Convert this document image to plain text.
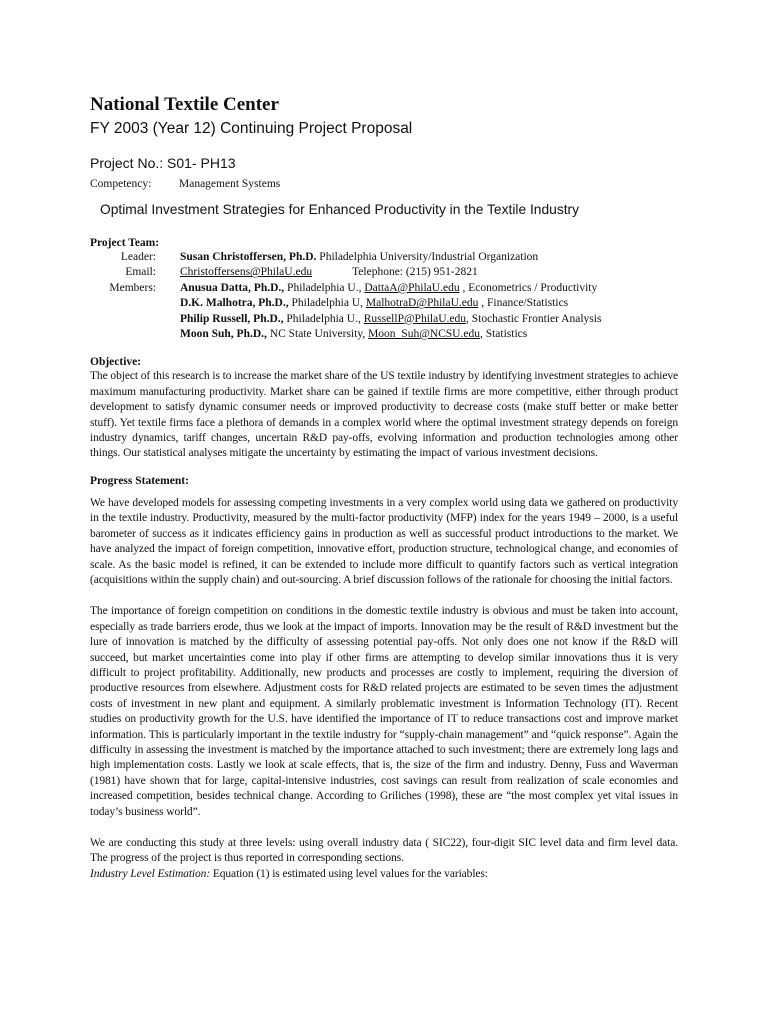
National Textile Center
FY 2003 (Year 12) Continuing Project Proposal
Project No.: S01- PH13
Competency:	Management Systems
Optimal Investment Strategies for Enhanced Productivity in the Textile Industry
Project Team:
Leader:	Susan Christoffersen, Ph.D. Philadelphia University/Industrial Organization
Email:	Christoffersens@PhilaU.edu	Telephone: (215) 951-2821
Members:	Anusua Datta, Ph.D., Philadelphia U., DattaA@PhilaU.edu , Econometrics / Productivity
D.K. Malhotra, Ph.D., Philadelphia U, MalhotraD@PhilaU.edu , Finance/Statistics
Philip Russell, Ph.D., Philadelphia U., RussellP@PhilaU.edu, Stochastic Frontier Analysis
Moon Suh, Ph.D., NC State University, Moon_Suh@NCSU.edu, Statistics
Objective:

The object of this research is to increase the market share of the US textile industry by identifying investment strategies to achieve maximum manufacturing productivity. Market share can be gained if textile firms are more competitive, either through product development to satisfy dynamic consumer needs or improved productivity to decrease costs (make stuff better or make better stuff). Yet textile firms face a plethora of demands in a complex world where the optimal investment strategy depends on foreign industry dynamics, tariff changes, uncertain R&D pay-offs, evolving information and production technologies among other things. Our statistical analyses mitigate the uncertainty by estimating the impact of various investment decisions.

Progress Statement:

We have developed models for assessing competing investments in a very complex world using data we gathered on productivity in the textile industry. Productivity, measured by the multi-factor productivity (MFP) index for the years 1949 – 2000, is a useful barometer of success as it indicates efficiency gains in production as well as successful product introductions to the market. We have analyzed the impact of foreign competition, innovative effort, production structure, technological change, and economies of scale. As the basic model is refined, it can be extended to include more difficult to quantify factors such as vertical integration (acquisitions within the supply chain) and out-sourcing. A brief discussion follows of the rationale for choosing the initial factors.

The importance of foreign competition on conditions in the domestic textile industry is obvious and must be taken into account, especially as trade barriers erode, thus we look at the impact of imports. Innovation may be the result of R&D investment but the lure of innovation is matched by the difficulty of assessing potential pay-offs. Not only does one not know if the R&D will succeed, but market uncertainties come into play if other firms are attempting to develop similar innovations thus it is very difficult to project profitability. Additionally, new products and processes are costly to implement, requiring the diversion of productive resources from elsewhere. Adjustment costs for R&D related projects are estimated to be seven times the adjustment costs of investment in new plant and equipment. A similarly problematic investment is Information Technology (IT). Recent studies on productivity growth for the U.S. have identified the importance of IT to reduce transactions cost and improve market information. This is particularly important in the textile industry for “supply-chain management” and “quick response”. Again the difficulty in assessing the investment is matched by the importance attached to such investment; there are extremely long lags and high implementation costs. Lastly we look at scale effects, that is, the size of the firm and industry. Denny, Fuss and Waverman (1981) have shown that for large, capital-intensive industries, cost savings can result from realization of scale economies and increased competition, besides technical change. According to Griliches (1998), these are “the most complex yet vital issues in today’s business world”.

We are conducting this study at three levels: using overall industry data ( SIC22), four-digit SIC level data and firm level data. The progress of the project is thus reported in corresponding sections.

Industry Level Estimation: Equation (1) is estimated using level values for the variables:
